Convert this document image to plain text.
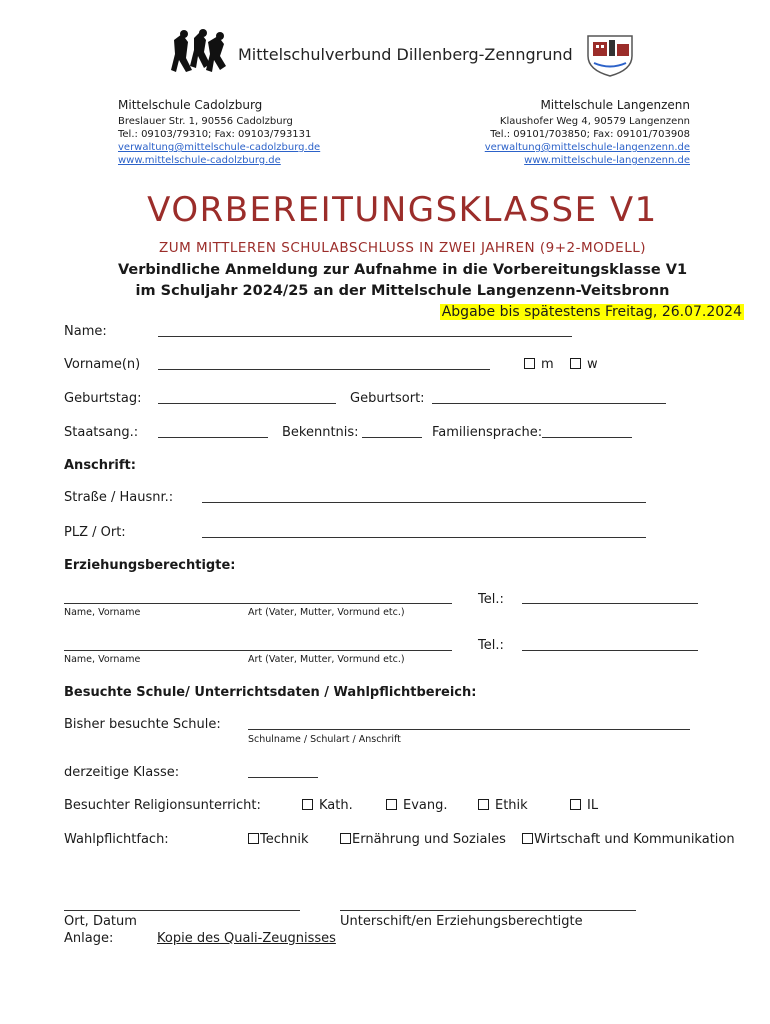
Mittelschulverbund Dillenberg-Zenngrund
Mittelschule Cadolzburg
Breslauer Str. 1, 90556 Cadolzburg
Tel.: 09103/79310; Fax: 09103/793131
verwaltung@mittelschule-cadolzburg.de
www.mittelschule-cadolzburg.de
Mittelschule Langenzenn
Klaushofer Weg 4, 90579 Langenzenn
Tel.: 09101/703850; Fax: 09101/703908
verwaltung@mittelschule-langenzenn.de
www.mittelschule-langenzenn.de
VORBEREITUNGSKLASSE V1
ZUM MITTLEREN SCHULABSCHLUSS IN ZWEI JAHREN (9+2-MODELL)
Verbindliche Anmeldung zur Aufnahme in die Vorbereitungsklasse V1
im Schuljahr 2024/25 an der Mittelschule Langenzenn-Veitsbronn
Abgabe bis spätestens Freitag, 26.07.2024
Name:
Vorname(n)	m	w
Geburtstag:	Geburtsort:
Staatsang.:	Bekenntnis:	Familiensprache:
Anschrift:
Straße / Hausnr.:
PLZ / Ort:
Erziehungsberechtigte:
Tel.:
Name, Vorname	Art (Vater, Mutter, Vormund etc.)
Tel.:
Name, Vorname	Art (Vater, Mutter, Vormund etc.)
Besuchte Schule/ Unterrichtsdaten / Wahlpflichtbereich:
Bisher besuchte Schule:
Schulname / Schulart / Anschrift
derzeitige Klasse:
Besuchter Religionsunterricht:	Kath.	Evang.	Ethik	IL
Wahlpflichtfach:	Technik	Ernährung und Soziales	Wirtschaft und Kommunikation
Ort, Datum	Unterschift/en Erziehungsberechtigte
Anlage:	Kopie des Quali-Zeugnisses
